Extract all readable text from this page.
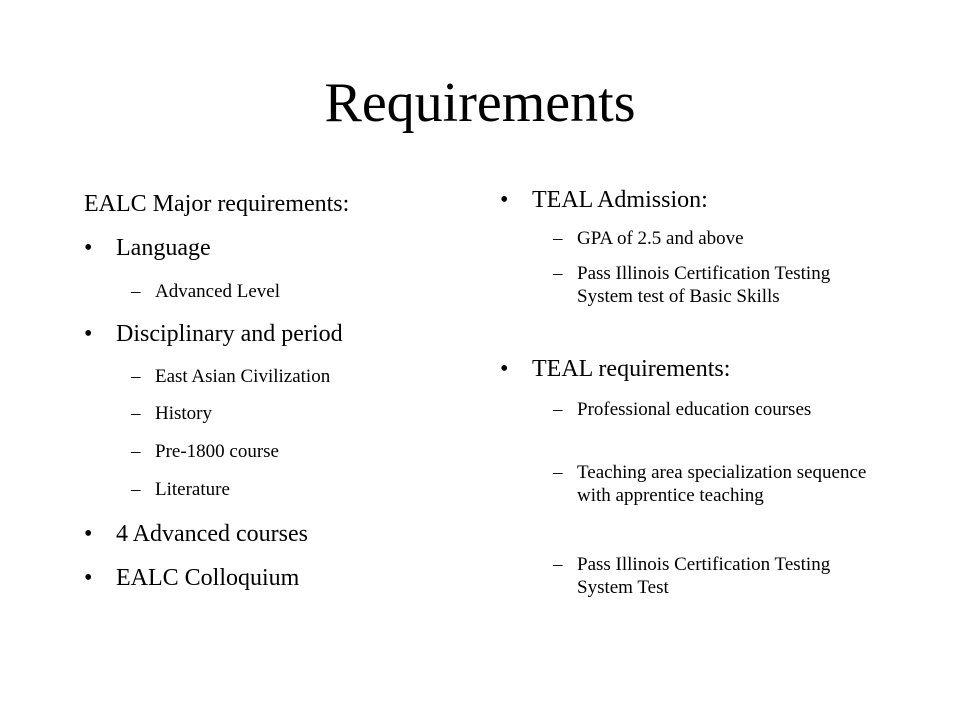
Requirements
EALC Major requirements:
• Language
– Advanced Level
• Disciplinary and period
– East Asian Civilization
– History
– Pre-1800 course
– Literature
• 4 Advanced courses
• EALC Colloquium
• TEAL Admission:
– GPA of 2.5 and above
– Pass Illinois Certification Testing System test of Basic Skills
• TEAL requirements:
– Professional education courses
– Teaching area specialization sequence with apprentice teaching
– Pass Illinois Certification Testing System Test
